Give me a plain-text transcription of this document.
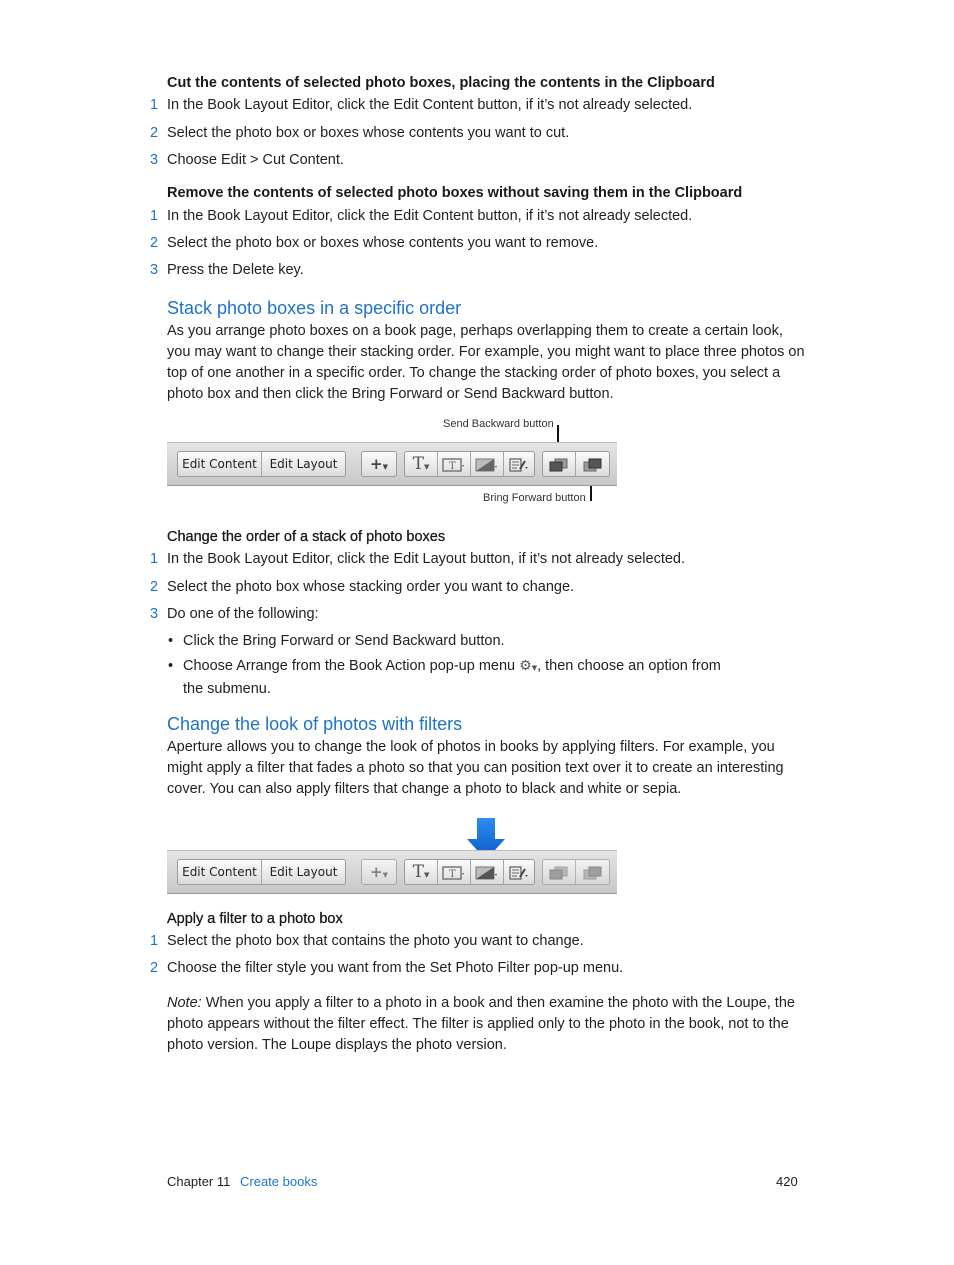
Cut the contents of selected photo boxes, placing the contents in the Clipboard
1 In the Book Layout Editor, click the Edit Content button, if it’s not already selected.
2 Select the photo box or boxes whose contents you want to cut.
3 Choose Edit > Cut Content.
Remove the contents of selected photo boxes without saving them in the Clipboard
1 In the Book Layout Editor, click the Edit Content button, if it’s not already selected.
2 Select the photo box or boxes whose contents you want to remove.
3 Press the Delete key.
Stack photo boxes in a specific order
As you arrange photo boxes on a book page, perhaps overlapping them to create a certain look, you may want to change their stacking order. For example, you might want to place three photos on top of one another in a specific order. To change the stacking order of photo boxes, you select a photo box and then click the Bring Forward or Send Backward button.
Send Backward button
Bring Forward button
Edit Content	Edit Layout	+▼	T▼	T
Change the order of a stack of photo boxes
1 In the Book Layout Editor, click the Edit Layout button, if it’s not already selected.
2 Select the photo box whose stacking order you want to change.
3 Do one of the following:
• Click the Bring Forward or Send Backward button.
• Choose Arrange from the Book Action pop-up menu ⚙▼, then choose an option from
the submenu.
Change the look of photos with filters
Aperture allows you to change the look of photos in books by applying filters. For example, you might apply a filter that fades a photo so that you can position text over it to create an interesting cover. You can also apply filters that change a photo to black and white or sepia.
Edit Content	Edit Layout	+▼	T▼	T
Apply a filter to a photo box
1 Select the photo box that contains the photo you want to change.
2 Choose the filter style you want from the Set Photo Filter pop-up menu.
Note: When you apply a filter to a photo in a book and then examine the photo with the Loupe, the photo appears without the filter effect. The filter is applied only to the photo in the book, not to the photo version. The Loupe displays the photo version.
Chapter 11 Create books	420
